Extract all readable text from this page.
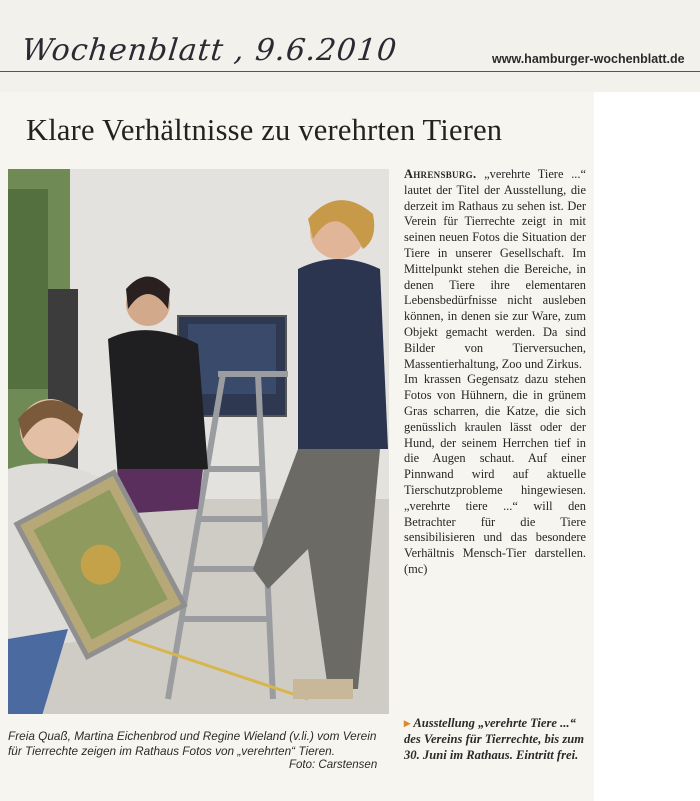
Wochenblatt , 9.6.2010	www.hamburger-wochenblatt.de
Klare Verhältnisse zu verehrten Tieren

Ahrensburg. „verehrte Tiere ...“ lautet der Titel der Ausstellung, die derzeit im Rathaus zu sehen ist. Der Verein für Tierrechte zeigt in mit seinen neuen Fotos die Situation der Tiere in unserer Gesellschaft. Im Mittelpunkt stehen die Bereiche, in denen Tiere ihre elementaren Lebensbedürfnisse nicht ausleben können, in denen sie zur Ware, zum Objekt gemacht werden. Da sind Bilder von Tierversuchen, Massentierhaltung, Zoo und Zirkus.

Im krassen Gegensatz dazu stehen Fotos von Hühnern, die in grünem Gras scharren, die Katze, die sich genüsslich kraulen lässt oder der Hund, der seinem Herrchen tief in die Augen schaut. Auf einer Pinnwand wird auf aktuelle Tierschutzprobleme hingewiesen. „verehrte tiere ...“ will den Betrachter für die Tiere sensibilisieren und das besondere Verhältnis Mensch-Tier darstellen. (mc)

▸ Ausstellung „verehrte Tiere ...“ des Vereins für Tierrechte, bis zum 30. Juni im Rathaus. Eintritt frei.
Freia Quaß, Martina Eichenbrod und Regine Wieland (v.li.) vom Verein für Tierrechte zeigen im Rathaus Fotos von „verehrten“ Tieren.
Foto: Carstensen
